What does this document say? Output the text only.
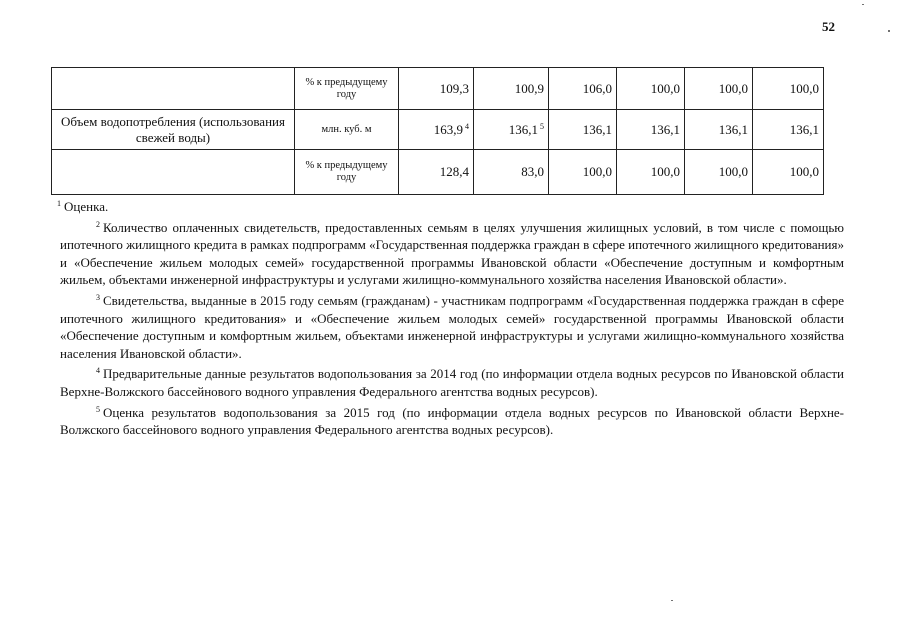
52
	% к предыдущему году	109,3	100,9	106,0	100,0	100,0	100,0
Объем водопотребления (использования свежей воды)	млн. куб. м	163,9 $^4$	136,1 $^5$	136,1	136,1	136,1	136,1
	% к предыдущему году	128,4	83,0	100,0	100,0	100,0	100,0

$^1$ Оценка.

$^2$ Количество оплаченных свидетельств, предоставленных семьям в целях улучшения жилищных условий, в том числе с помощью ипотечного жилищного кредита в рамках подпрограмм «Государственная поддержка граждан в сфере ипотечного жилищного кредитования» и «Обеспечение жильем молодых семей» государственной программы Ивановской области «Обеспечение доступным и комфортным жильем, объектами инженерной инфраструктуры и услугами жилищно-коммунального хозяйства населения Ивановской области».

$^3$ Свидетельства, выданные в 2015 году семьям (гражданам) - участникам подпрограмм «Государственная поддержка граждан в сфере ипотечного жилищного кредитования» и «Обеспечение жильем молодых семей» государственной программы Ивановской области «Обеспечение доступным и комфортным жильем, объектами инженерной инфраструктуры и услугами жилищно-коммунального хозяйства населения Ивановской области».

$^4$ Предварительные данные результатов водопользования за 2014 год (по информации отдела водных ресурсов по Ивановской области Верхне-Волжского бассейнового водного управления Федерального агентства водных ресурсов).

$^5$ Оценка результатов водопользования за 2015 год (по информации отдела водных ресурсов по Ивановской области Верхне-Волжского бассейнового водного управления Федерального агентства водных ресурсов).
